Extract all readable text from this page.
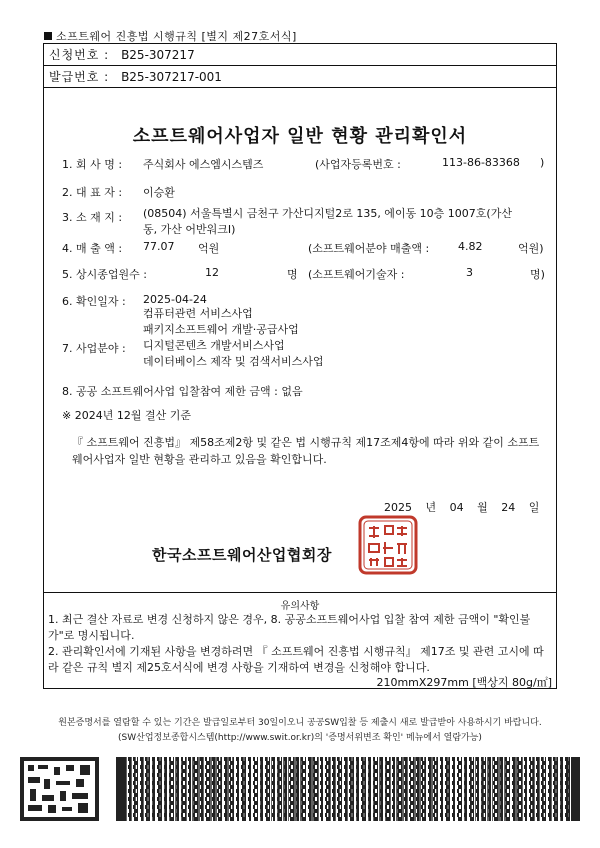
소프트웨어 진흥법 시행규칙 [별지 제27호서식]
신청번호 : B25-307217
발급번호 : B25-307217-001
소프트웨어사업자 일반 현황 관리확인서
1. 회 사 명 : 주식회사 에스엠시스템즈	(사업자등록번호 :	113-86-83368 )
2. 대 표 자 : 이승환
3. 소 재 지 : (08504) 서울특별시 금천구 가산디지털2로 135, 에이동 10층 1007호(가산
동, 가산 어반워크I)
4. 매 출 액 : 77.07 억원	(소프트웨어분야 매출액 :	4.82	억원)
5. 상시종업원수 :	12	명 (소프트웨어기술자 :	3	명)
6. 확인일자 : 2025-04-24
7. 사업분야 :
컴퓨터관련 서비스사업
패키지소프트웨어 개발·공급사업
디지털콘텐츠 개발서비스사업
데이터베이스 제작 및 검색서비스사업
8. 공공 소프트웨어사업 입찰참여 제한 금액 : 없음
※ 2024년 12월 결산 기준
『 소프트웨어 진흥법』 제58조제2항 및 같은 법 시행규칙 제17조제4항에 따라 위와 같이 소프트웨어사업자 일반 현황을 관리하고 있음을 확인합니다.
2025 년 04 월 24 일
한국소프트웨어산업협회장
유의사항
1. 최근 결산 자료로 변경 신청하지 않은 경우, 8. 공공소프트웨어사업 입찰 참여 제한 금액이 "확인불가"로 명시됩니다.
2. 관리확인서에 기재된 사항을 변경하려면 『 소프트웨어 진흥법 시행규칙』 제17조 및 관련 고시에 따라 같은 규칙 별지 제25호서식에 변경 사항을 기재하여 변경을 신청해야 합니다.
210mmX297mm [백상지 80g/㎡]
원본증명서를 열람할 수 있는 기간은 발급일로부터 30일이오니 공공SW입찰 등 제출시 새로 발급받아 사용하시기 바랍니다.
(SW산업정보종합시스템(http://www.swit.or.kr)의 '증명서위변조 확인' 메뉴에서 열람가능)
